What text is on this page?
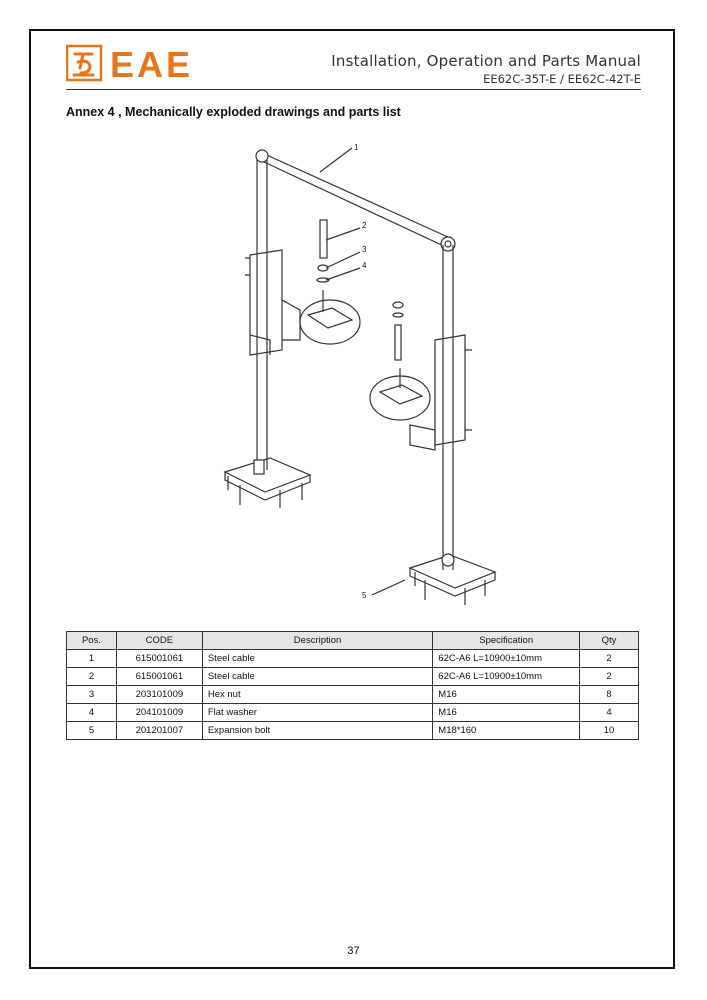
EAE	Installation, Operation and Parts Manual
EE62C-35T-E / EE62C-42T-E
Annex 4 , Mechanically exploded drawings and parts list
1
2
3
4
5
Pos.	CODE	Description	Specification	Qty
1	615001061	Steel cable	62C-A6 L=10900±10mm	2
2	615001061	Steel cable	62C-A6 L=10900±10mm	2
3	203101009	Hex nut	M16	8
4	204101009	Flat washer	M16	4
5	201201007	Expansion bolt	M18*160	10
37
